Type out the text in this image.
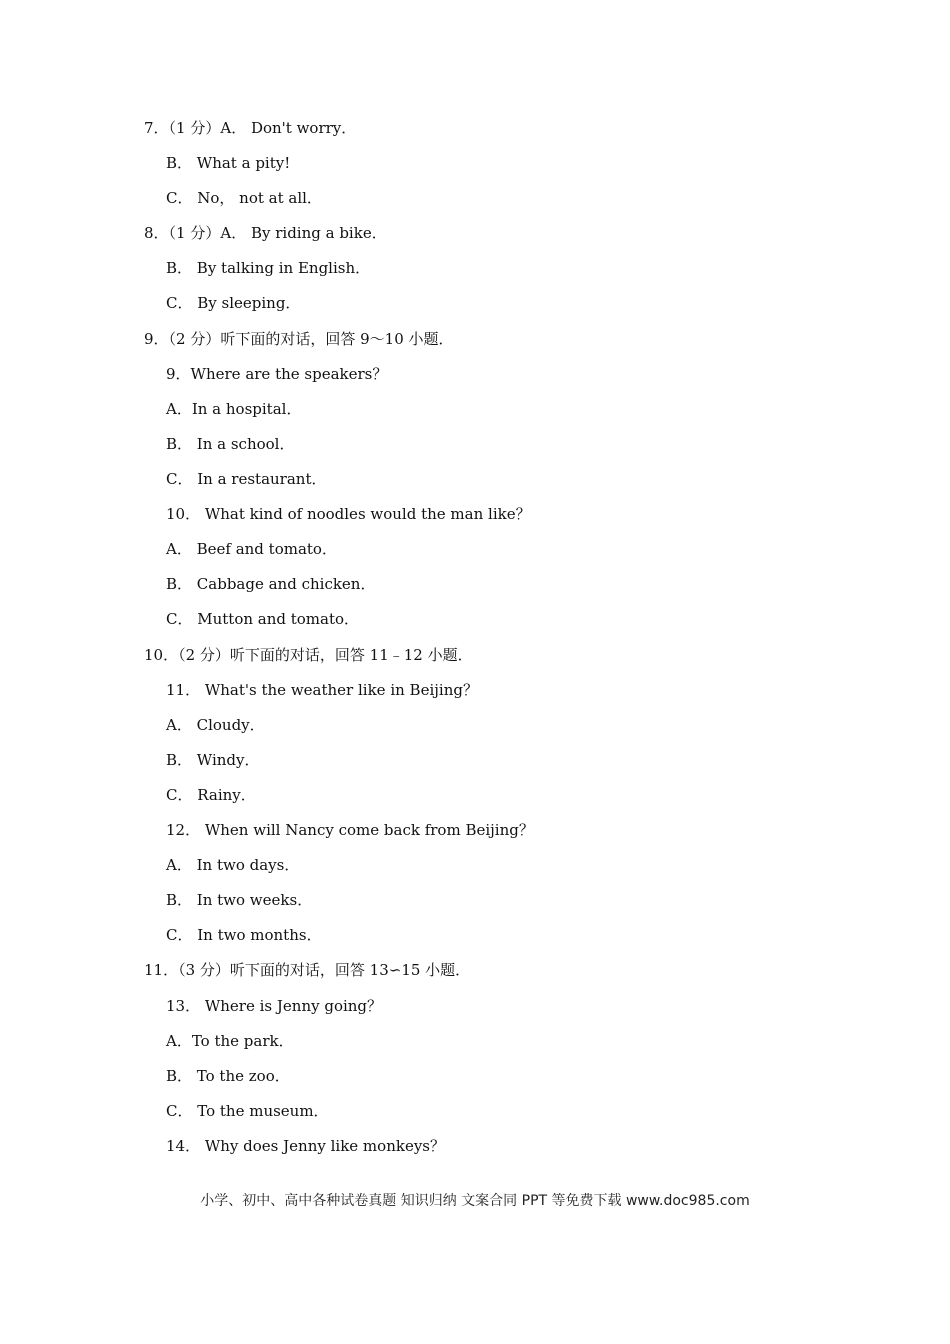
7．（1 分）A． Don't worry．
B． What a pity!
C． No， not at all．
8．（1 分）A． By riding a bike．
B． By talking in English．
C． By sleeping．
9．（2 分）听下面的对话，回答 9～10 小题．
9．Where are the speakers？
A．In a hospital．
B． In a school．
C． In a restaurant．
10． What kind of noodles would the man like？
A． Beef and tomato．
B． Cabbage and chicken．
C． Mutton and tomato．
10．（2 分）听下面的对话，回答 11﹣12 小题．
11． What's the weather like in Beijing？
A． Cloudy．
B． Windy．
C． Rainy．
12． When will Nancy come back from Beijing？
A． In two days．
B． In two weeks．
C． In two months．
11．（3 分）听下面的对话，回答 13∽15 小题．
13． Where is Jenny going？
A．To the park．
B． To the zoo．
C． To the museum．
14． Why does Jenny like monkeys？
小学、初中、高中各种试卷真题 知识归纳 文案合同 PPT 等免费下载 www.doc985.com
